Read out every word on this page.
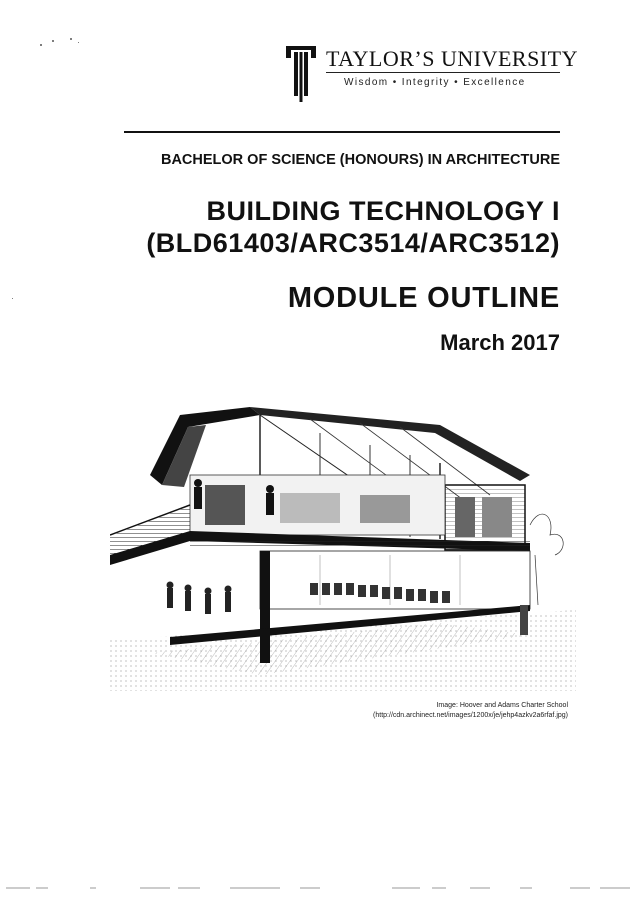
TAYLOR’S UNIVERSITY
Wisdom • Integrity • Excellence
BACHELOR OF SCIENCE (HONOURS) IN ARCHITECTURE
BUILDING TECHNOLOGY I
(BLD61403/ARC3514/ARC3512)
MODULE OUTLINE
March 2017
Image: Hoover and Adams Charter School
(http://cdn.archinect.net/images/1200x/je/jehp4azkv2a6rfaf.jpg)
